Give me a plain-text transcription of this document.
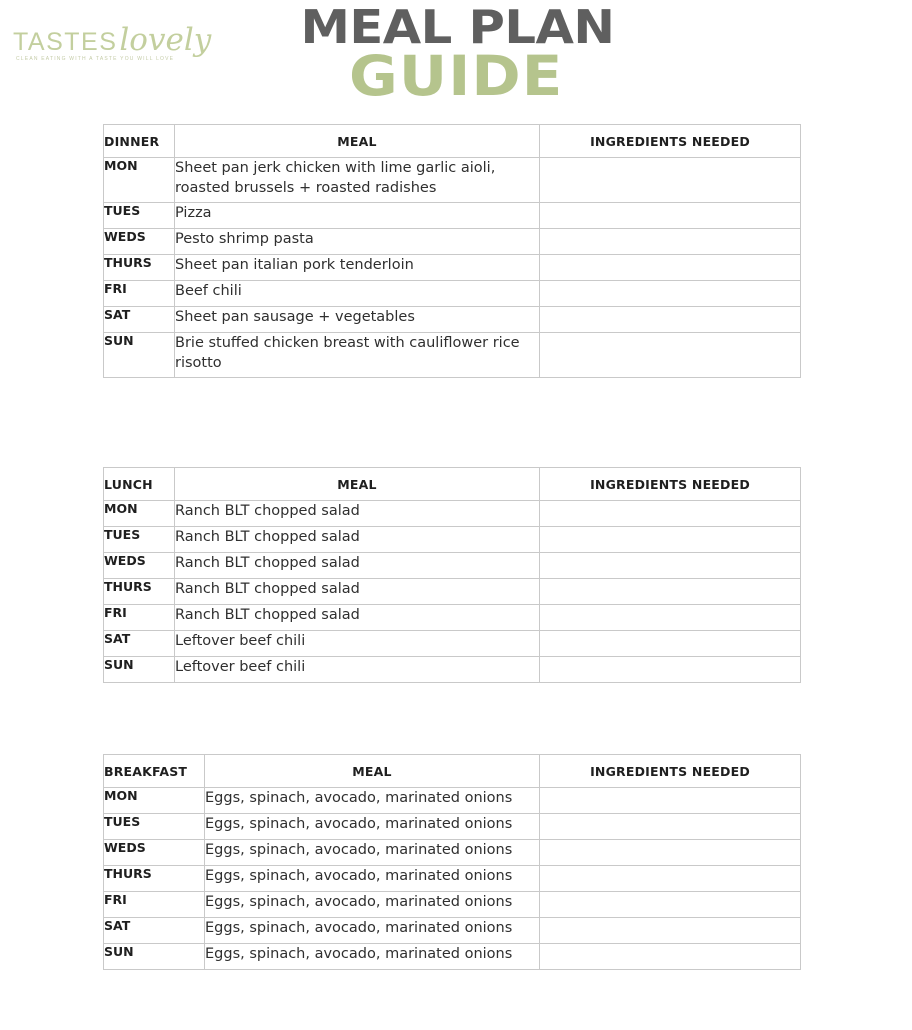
TASTESlovely
CLEAN EATING WITH A TASTE YOU WILL LOVE
MEAL PLAN
GUIDE
DINNER	MEAL	INGREDIENTS NEEDED
MON	Sheet pan jerk chicken with lime garlic aioli, roasted brussels + roasted radishes	
TUES	Pizza	
WEDS	Pesto shrimp pasta	
THURS	Sheet pan italian pork tenderloin	
FRI	Beef chili	
SAT	Sheet pan sausage + vegetables	
SUN	Brie stuffed chicken breast with cauliflower rice risotto	
LUNCH	MEAL	INGREDIENTS NEEDED
MON	Ranch BLT chopped salad	
TUES	Ranch BLT chopped salad	
WEDS	Ranch BLT chopped salad	
THURS	Ranch BLT chopped salad	
FRI	Ranch BLT chopped salad	
SAT	Leftover beef chili	
SUN	Leftover beef chili	
BREAKFAST	MEAL	INGREDIENTS NEEDED
MON	Eggs, spinach, avocado, marinated onions	
TUES	Eggs, spinach, avocado, marinated onions	
WEDS	Eggs, spinach, avocado, marinated onions	
THURS	Eggs, spinach, avocado, marinated onions	
FRI	Eggs, spinach, avocado, marinated onions	
SAT	Eggs, spinach, avocado, marinated onions	
SUN	Eggs, spinach, avocado, marinated onions	
